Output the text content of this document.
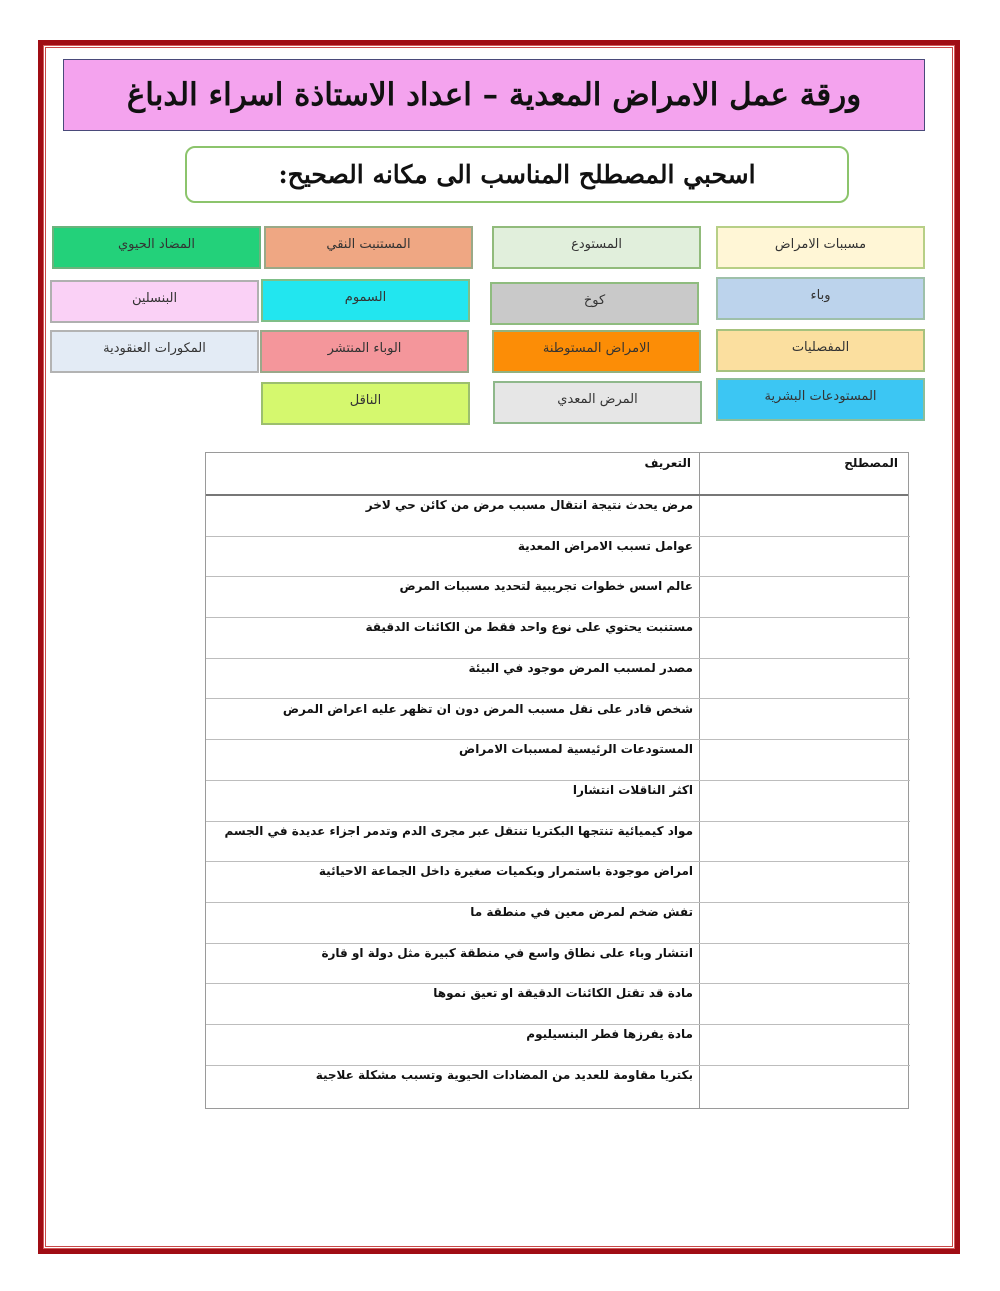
ورقة عمل الامراض المعدية – اعداد الاستاذة اسراء الدباغ
اسحبي المصطلح المناسب الى مكانه الصحيح:
مسببات الامراض
المستودع
المستنبت النقي
المضاد الحيوي
وباء
كوخ
السموم
البنسلين
المفصليات
الامراض المستوطنة
الوباء المنتشر
المكورات العنقودية
المستودعات البشرية
المرض المعدي
الناقل
المصطلح
التعريف
مرض يحدث نتيجة انتقال مسبب مرض من كائن حي لاخر
عوامل تسبب الامراض المعدية
عالم اسس خطوات تجريبية لتحديد مسببات المرض
مستنبت يحتوي على نوع واحد فقط من الكائنات الدقيقة
مصدر لمسبب المرض موجود في البيئة
شخص قادر على نقل مسبب المرض دون ان تظهر عليه اعراض المرض
المستودعات الرئيسية لمسببات الامراض
اكثر الناقلات انتشارا
مواد كيميائية تنتجها البكتريا تنتقل عبر مجرى الدم وتدمر اجزاء عديدة في الجسم
امراض موجودة باستمرار وبكميات صغيرة داخل الجماعة الاحيائية
تفش ضخم لمرض معين في منطقة ما
انتشار وباء على نطاق واسع في منطقة كبيرة مثل دولة او قارة
مادة قد تقتل الكائنات الدقيقة او تعيق نموها
مادة يفرزها فطر البنسيليوم
بكتريا مقاومة للعديد من المضادات الحيوية وتسبب مشكلة علاجية
